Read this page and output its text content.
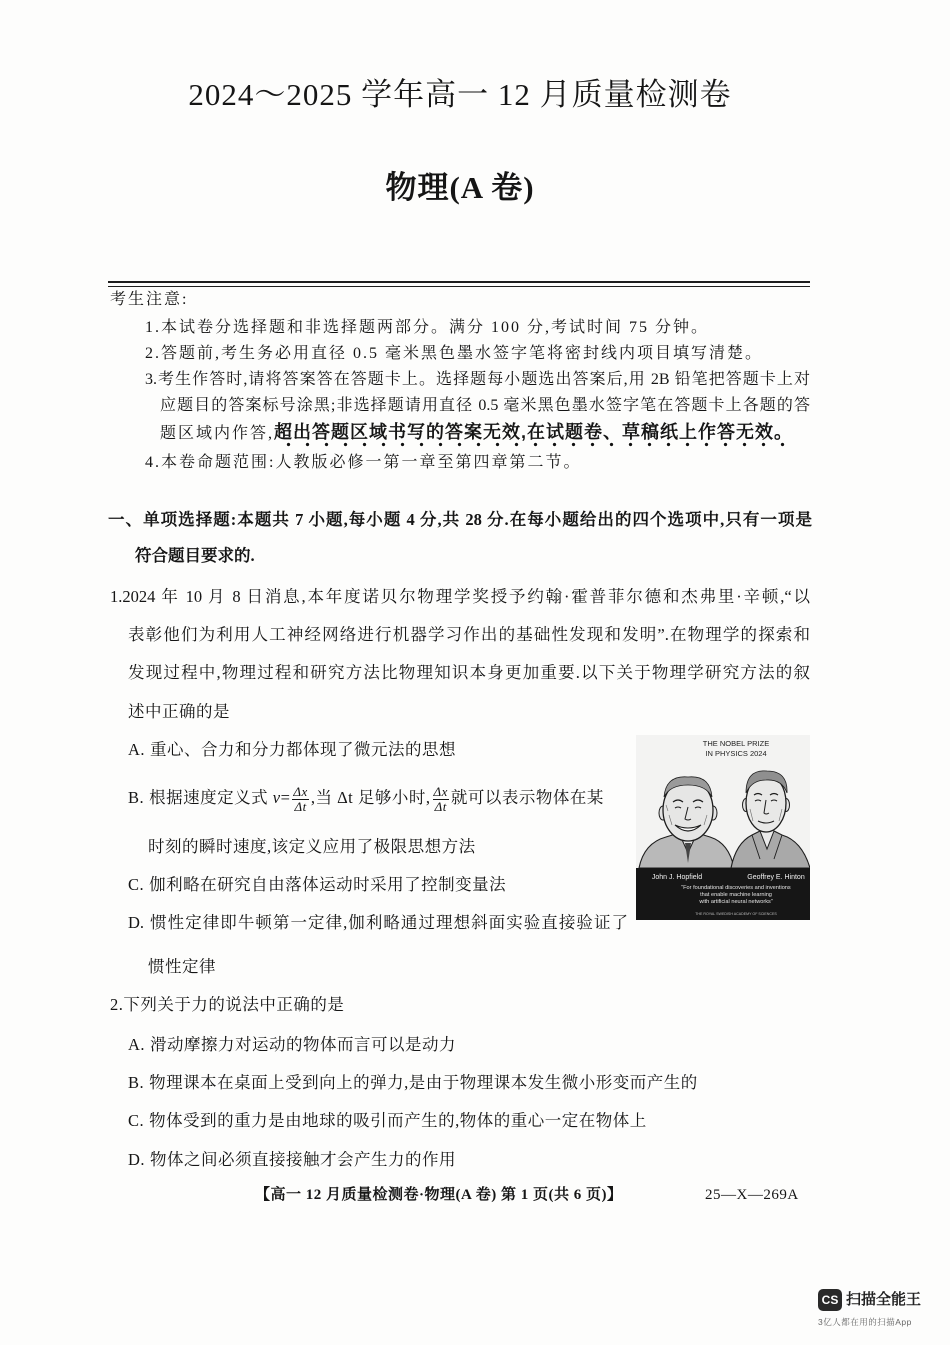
2024～2025 学年高一 12 月质量检测卷
物理(A 卷)
考生注意:
1.本试卷分选择题和非选择题两部分。满分 100 分,考试时间 75 分钟。
2.答题前,考生务必用直径 0.5 毫米黑色墨水签字笔将密封线内项目填写清楚。
3.考生作答时,请将答案答在答题卡上。选择题每小题选出答案后,用 2B 铅笔把答题卡上对
应题目的答案标号涂黑;非选择题请用直径 0.5 毫米黑色墨水签字笔在答题卡上各题的答
题区域内作答,超出答题区域书写的答案无效,在试题卷、草稿纸上作答无效。
4.本卷命题范围:人教版必修一第一章至第四章第二节。
一、单项选择题:本题共 7 小题,每小题 4 分,共 28 分.在每小题给出的四个选项中,只有一项是
符合题目要求的.
1.2024 年 10 月 8 日消息,本年度诺贝尔物理学奖授予约翰·霍普菲尔德和杰弗里·辛顿,“以
表彰他们为利用人工神经网络进行机器学习作出的基础性发现和发明”.在物理学的探索和
发现过程中,物理过程和研究方法比物理知识本身更加重要.以下关于物理学研究方法的叙
述中正确的是
A. 重心、合力和分力都体现了微元法的思想
B. 根据速度定义式 $v= \frac{\Delta x}{\Delta t}$ ,当 Δt 足够小时, $\frac{\Delta x}{\Delta t}$ 就可以表示物体在某
时刻的瞬时速度,该定义应用了极限思想方法
C. 伽利略在研究自由落体运动时采用了控制变量法
D. 惯性定律即牛顿第一定律,伽利略通过理想斜面实验直接验证了
惯性定律
THE NOBEL PRIZE
IN PHYSICS 2024
John J. Hopfield	Geoffrey E. Hinton
“For foundational discoveries and inventions
that enable machine learning
with artificial neural networks”
THE ROYAL SWEDISH ACADEMY OF SCIENCES
2.下列关于力的说法中正确的是
A. 滑动摩擦力对运动的物体而言可以是动力
B. 物理课本在桌面上受到向上的弹力,是由于物理课本发生微小形变而产生的
C. 物体受到的重力是由地球的吸引而产生的,物体的重心一定在物体上
D. 物体之间必须直接接触才会产生力的作用
【高一 12 月质量检测卷·物理(A 卷) 第 1 页(共 6 页)】	25—X—269A
CS 扫描全能王
3亿人都在用的扫描App
